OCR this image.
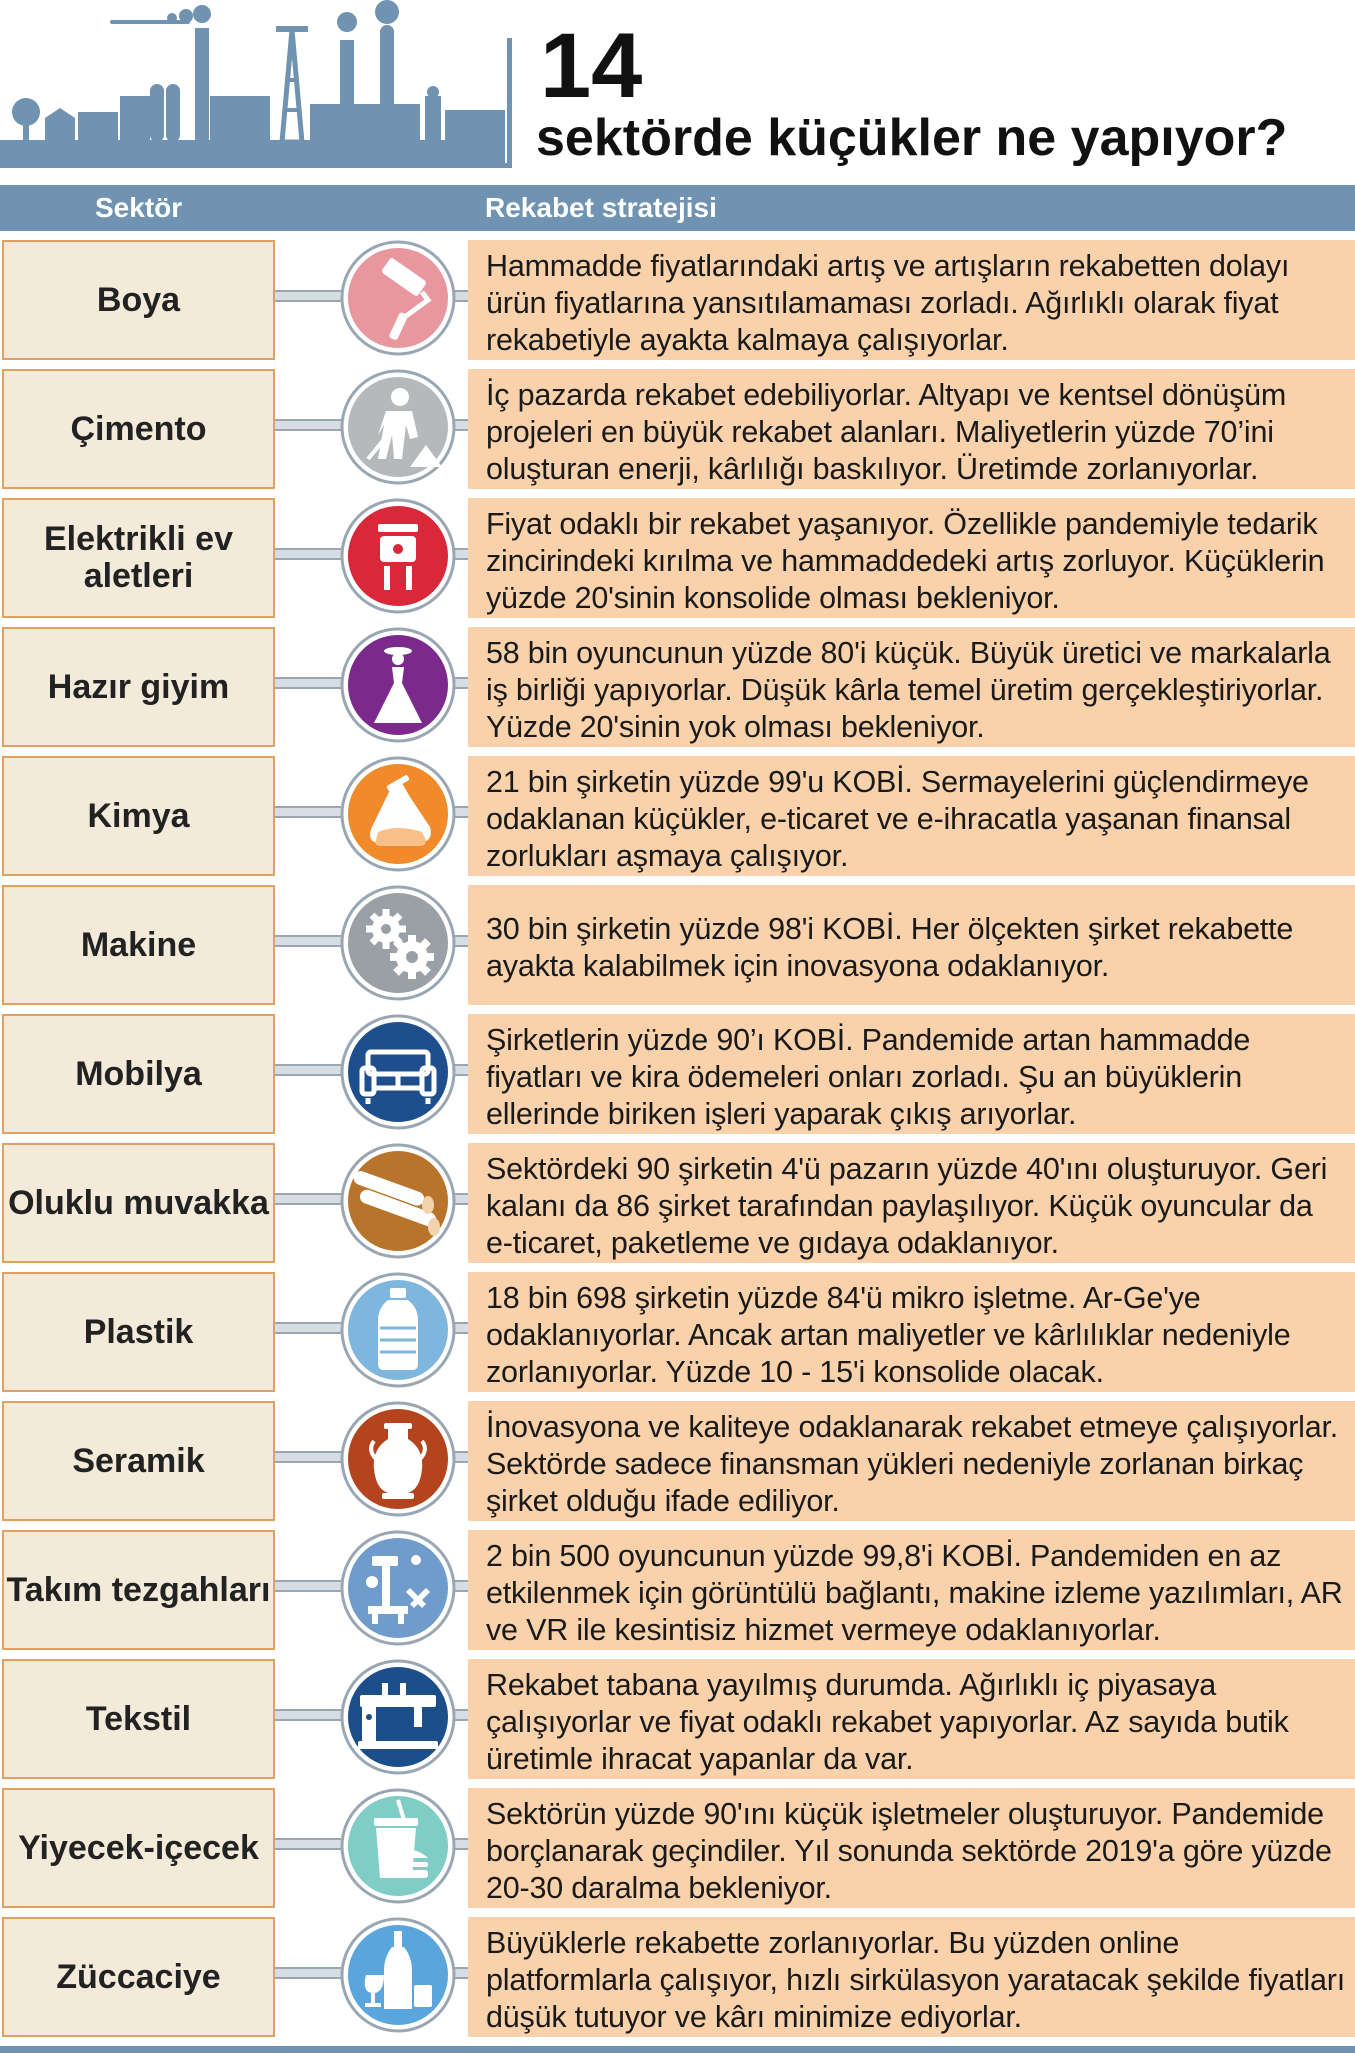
14
sektörde küçükler ne yapıyor?
Sektör	Rekabet stratejisi
Boya
Hammadde fiyatlarındaki artış ve artışların rekabetten dolayı ürün fiyatlarına yansıtılamaması zorladı. Ağırlıklı olarak fiyat rekabetiyle ayakta kalmaya çalışıyorlar.
Çimento
İç pazarda rekabet edebiliyorlar. Altyapı ve kentsel dönüşüm projeleri en büyük rekabet alanları. Maliyetlerin yüzde 70’ini oluşturan enerji, kârlılığı baskılıyor. Üretimde zorlanıyorlar.
Elektrikli ev aletleri
Fiyat odaklı bir rekabet yaşanıyor. Özellikle pandemiyle tedarik zincirindeki kırılma ve hammaddedeki artış zorluyor. Küçüklerin yüzde 20'sinin konsolide olması bekleniyor.
Hazır giyim
58 bin oyuncunun yüzde 80'i küçük. Büyük üretici ve markalarla iş birliği yapıyorlar. Düşük kârla temel üretim gerçekleştiriyorlar. Yüzde 20'sinin yok olması bekleniyor.
Kimya
21 bin şirketin yüzde 99'u KOBİ. Sermayelerini güçlendirmeye odaklanan küçükler, e-ticaret ve e-ihracatla yaşanan finansal zorlukları aşmaya çalışıyor.
Makine	30 bin şirketin yüzde 98'i KOBİ. Her ölçekten şirket rekabette ayakta kalabilmek için inovasyona odaklanıyor.
Mobilya
Şirketlerin yüzde 90’ı KOBİ. Pandemide artan hammadde fiyatları ve kira ödemeleri onları zorladı. Şu an büyüklerin ellerinde biriken işleri yaparak çıkış arıyorlar.
Oluklu muvakka
Sektördeki 90 şirketin 4'ü pazarın yüzde 40'ını oluşturuyor. Geri kalanı da 86 şirket tarafından paylaşılıyor. Küçük oyuncular da e-ticaret, paketleme ve gıdaya odaklanıyor.
Plastik
18 bin 698 şirketin yüzde 84'ü mikro işletme. Ar-Ge'ye odaklanıyorlar. Ancak artan maliyetler ve kârlılıklar nedeniyle zorlanıyorlar. Yüzde 10 - 15'i konsolide olacak.
Seramik
İnovasyona ve kaliteye odaklanarak rekabet etmeye çalışıyorlar. Sektörde sadece finansman yükleri nedeniyle zorlanan birkaç şirket olduğu ifade ediliyor.
Takım tezgahları
2 bin 500 oyuncunun yüzde 99,8'i KOBİ. Pandemiden en az etkilenmek için görüntülü bağlantı, makine izleme yazılımları, AR ve VR ile kesintisiz hizmet vermeye odaklanıyorlar.
Tekstil
Rekabet tabana yayılmış durumda. Ağırlıklı iç piyasaya çalışıyorlar ve fiyat odaklı rekabet yapıyorlar. Az sayıda butik üretimle ihracat yapanlar da var.
Yiyecek-içecek
Sektörün yüzde 90'ını küçük işletmeler oluşturuyor. Pandemide borçlanarak geçindiler. Yıl sonunda sektörde 2019'a göre yüzde 20-30 daralma bekleniyor.
Züccaciye
Büyüklerle rekabette zorlanıyorlar. Bu yüzden online platformlarla çalışıyor, hızlı sirkülasyon yaratacak şekilde fiyatları düşük tutuyor ve kârı minimize ediyorlar.
